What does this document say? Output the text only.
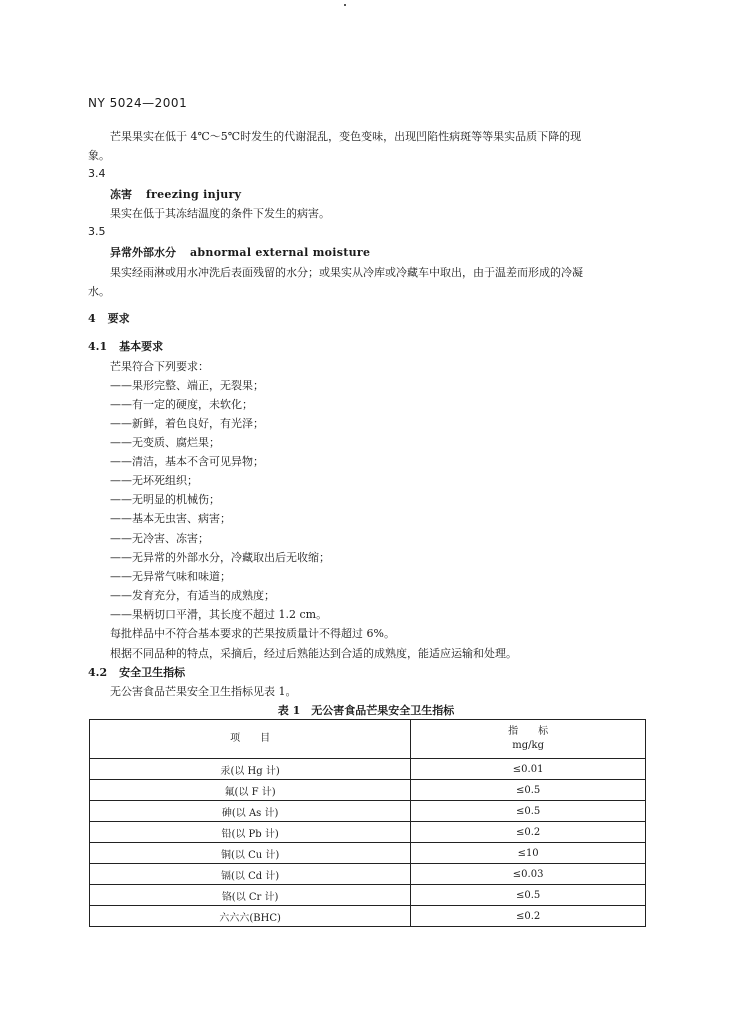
NY 5024—2001
芒果果实在低于 4℃～5℃时发生的代谢混乱，变色变味，出现凹陷性病斑等等果实品质下降的现
象。
3.4
冻害 freezing injury
果实在低于其冻结温度的条件下发生的病害。
3.5
异常外部水分 abnormal external moisture
果实经雨淋或用水冲洗后表面残留的水分；或果实从冷库或冷藏车中取出，由于温差而形成的冷凝
水。
4 要求
4.1 基本要求
芒果符合下列要求：
——果形完整、端正，无裂果；
——有一定的硬度，未软化；
——新鲜，着色良好，有光泽；
——无变质、腐烂果；
——清洁，基本不含可见异物；
——无坏死组织；
——无明显的机械伤；
——基本无虫害、病害；
——无冷害、冻害；
——无异常的外部水分，冷藏取出后无收缩；
——无异常气味和味道；
——发育充分，有适当的成熟度；
——果柄切口平滑，其长度不超过 1.2 cm。
每批样品中不符合基本要求的芒果按质量计不得超过 6%。
根据不同品种的特点，采摘后，经过后熟能达到合适的成熟度，能适应运输和处理。
4.2 安全卫生指标
无公害食品芒果安全卫生指标见表 1。
表 1　无公害食品芒果安全卫生指标
项　　目	指　　标
mg/kg

汞(以 Hg 计)	≤0.01
氟(以 F 计)	≤0.5
砷(以 As 计)	≤0.5
铅(以 Pb 计)	≤0.2
铜(以 Cu 计)	≤10
镉(以 Cd 计)	≤0.03
铬(以 Cr 计)	≤0.5
六六六(BHC)	≤0.2
